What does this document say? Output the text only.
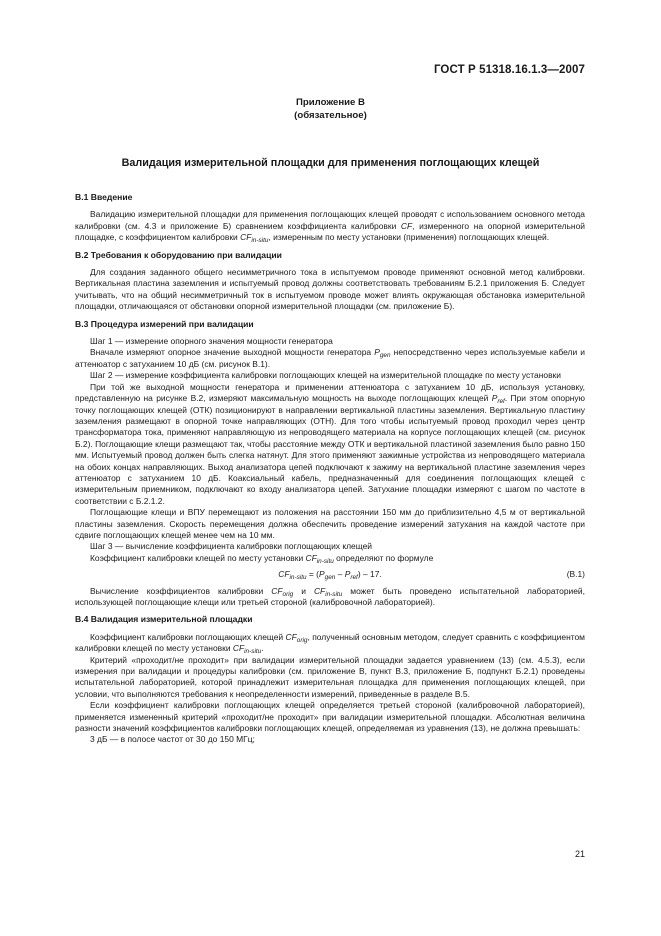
ГОСТ Р 51318.16.1.3—2007
Приложение В
(обязательное)
Валидация измерительной площадки для применения поглощающих клещей
В.1 Введение

Валидацию измерительной площадки для применения поглощающих клещей проводят с использованием основного метода калибровки (см. 4.3 и приложение Б) сравнением коэффициента калибровки CF, измеренного на опорной измерительной площадке, с коэффициентом калибровки $CF_{in-situ}$, измеренным по месту установки (применения) поглощающих клещей.

В.2 Требования к оборудованию при валидации

Для создания заданного общего несимметричного тока в испытуемом проводе применяют основной метод калибровки. Вертикальная пластина заземления и испытуемый провод должны соответствовать требованиям Б.2.1 приложения Б. Следует учитывать, что на общий несимметричный ток в испытуемом проводе может влиять окружающая обстановка измерительной площадки, отличающаяся от обстановки опорной измерительной площадки (см. приложение Б).

В.3 Процедура измерений при валидации

Шаг 1 — измерение опорного значения мощности генератора

Вначале измеряют опорное значение выходной мощности генератора $P_{gen}$ непосредственно через используемые кабели и аттенюатор с затуханием 10 дБ (см. рисунок В.1).

Шаг 2 — измерение коэффициента калибровки поглощающих клещей на измерительной площадке по месту установки

При той же выходной мощности генератора и применении аттенюатора с затуханием 10 дБ, используя установку, представленную на рисунке В.2, измеряют максимальную мощность на выходе поглощающих клещей $P_{ref}$. При этом опорную точку поглощающих клещей (ОТК) позиционируют в направлении вертикальной пластины заземления. Вертикальную пластину заземления размещают в опорной точке направляющих (ОТН). Для того чтобы испытуемый провод проходил через центр трансформатора тока, применяют направляющую из непроводящего материала на корпусе поглощающих клещей (см. рисунок Б.2). Поглощающие клещи размещают так, чтобы расстояние между ОТК и вертикальной пластиной заземления было равно 150 мм. Испытуемый провод должен быть слегка натянут. Для этого применяют зажимные устройства из непроводящего материала на обоих концах направляющих. Выход анализатора цепей подключают к зажиму на вертикальной пластине заземления через аттенюатор с затуханием 10 дБ. Коаксиальный кабель, предназначенный для соединения поглощающих клещей с измерительным приемником, подключают ко входу анализатора цепей. Затухание площадки измеряют с шагом по частоте в соответствии с Б.2.1.2.

Поглощающие клещи и ВПУ перемещают из положения на расстоянии 150 мм до приблизительно 4,5 м от вертикальной пластины заземления. Скорость перемещения должна обеспечить проведение измерений затухания на каждой частоте при сдвиге поглощающих клещей менее чем на 10 мм.

Шаг 3 — вычисление коэффициента калибровки поглощающих клещей

Коэффициент калибровки клещей по месту установки $CF_{in-situ}$ определяют по формуле

$CF_{in-situ} = (P_{gen} - P_{ref}) - 17$.	(В.1)

Вычисление коэффициентов калибровки $CF_{orig}$ и $CF_{in-situ}$ может быть проведено испытательной лабораторией, использующей поглощающие клещи или третьей стороной (калибровочной лабораторией).

В.4 Валидация измерительной площадки

Коэффициент калибровки поглощающих клещей $CF_{orig}$, полученный основным методом, следует сравнить с коэффициентом калибровки клещей по месту установки $CF_{in-situ}$.

Критерий «проходит/не проходит» при валидации измерительной площадки задается уравнением (13) (см. 4.5.3), если измерения при валидации и процедуры калибровки (см. приложение В, пункт В.3, приложение Б, подпункт Б.2.1) проведены испытательной лабораторией, которой принадлежит измерительная площадка для применения поглощающих клещей, при условии, что выполняются требования к неопределенности измерений, приведенные в разделе В.5.

Если коэффициент калибровки поглощающих клещей определяется третьей стороной (калибровочной лабораторией), применяется измененный критерий «проходит/не проходит» при валидации измерительной площадки. Абсолютная величина разности значений коэффициентов калибровки поглощающих клещей, определяемая из уравнения (13), не должна превышать:

3 дБ — в полосе частот от 30 до 150 МГц;

21
